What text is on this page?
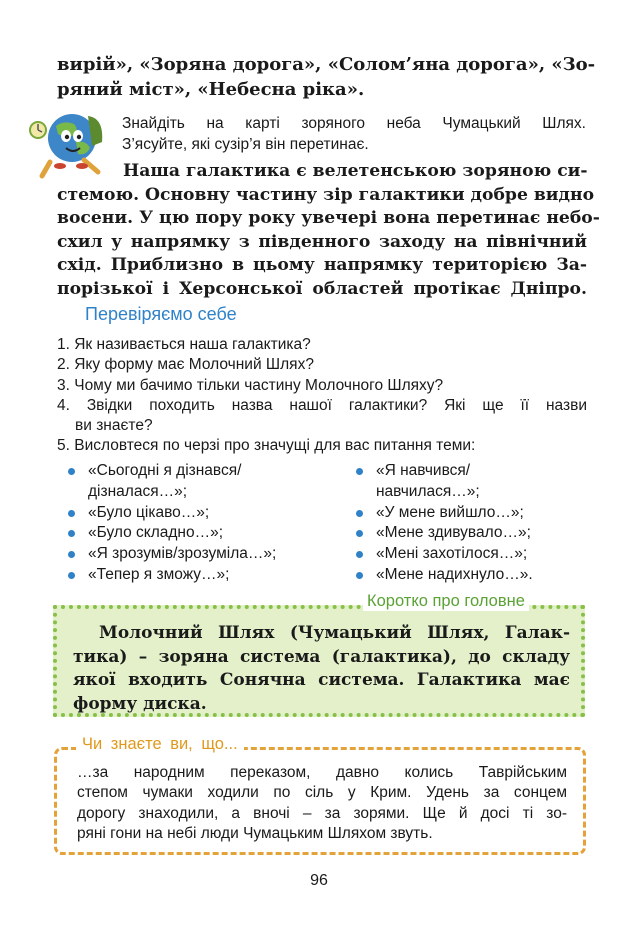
вирій», «Зоряна дорога», «Солом’яна дорога», «Зо-
ряний міст», «Небесна ріка».
Знайдіть на карті зоряного неба Чумацький Шлях.
З’ясуйте, які сузір’я він перетинає.
Наша галактика є велетенською зоряною си-
стемою. Основну частину зір галактики добре видно
восени. У цю пору року увечері вона перетинає небо-
схил у напрямку з південного заходу на північний
схід. Приблизно в цьому напрямку територією За-
порізької і Херсонської областей протікає Дніпро.
Перевіряємо себе
1. Як називається наша галактика?
2. Яку форму має Молочний Шлях?
3. Чому ми бачимо тільки частину Молочного Шляху?
4. Звідки походить назва нашої галактики? Які ще її назви
ви знаєте?
5. Висловтеся по черзі про значущі для вас питання теми:
«Сьогодні я дізнався/
дізналася…»;
«Було цікаво…»;
«Було складно…»;
«Я зрозумів/зрозуміла…»;
«Тепер я зможу…»;
«Я навчився/
навчилася…»;
«У мене вийшло…»;
«Мене здивувало…»;
«Мені захотілося…»;
«Мене надихнуло…».
Коротко про головне
Молочний Шлях (Чумацький Шлях, Галак-
тика) – зоряна система (галактика), до складу
якої входить Сонячна система. Галактика має
форму диска.
Чи знаєте ви, що...
…за народним переказом, давно колись Таврійським
степом чумаки ходили по сіль у Крим. Удень за сонцем
дорогу знаходили, а вночі – за зорями. Ще й досі ті зо-
ряні гони на небі люди Чумацьким Шляхом звуть.
96
